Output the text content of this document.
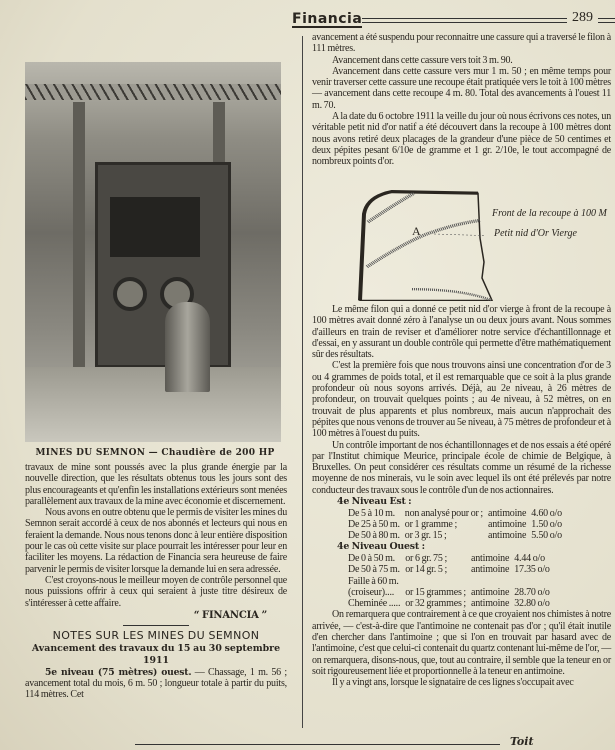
Financia	289
MINES DU SEMNON — Chaudière de 200 HP

travaux de mine sont poussés avec la plus grande énergie par la nouvelle direction, que les résultats obtenus tous les jours sont des plus encourageants et qu'enfin les installations extérieurs sont menées parallèlement aux travaux de la mine avec économie et discernement.

Nous avons en outre obtenu que le permis de visiter les mines du Semnon serait accordé à ceux de nos abonnés et lecteurs qui nous en feraient la demande. Nous nous tenons donc à leur entière disposition pour le cas où cette visite sur place pourrait les intéresser pour leur en faciliter les moyens. La rédaction de Financia sera heureuse de faire parvenir le permis de visiter lorsque la demande lui en sera adressée.

C'est croyons-nous le meilleur moyen de contrôle personnel que nous puissions offrir à ceux qui seraient à juste titre désireux de s'intéresser à cette affaire.

“ FINANCIA ”
NOTES SUR LES MINES DU SEMNON
Avancement des travaux du 15 au 30 septembre 1911

5e niveau (75 mètres) ouest. — Chassage, 1 m. 56 ; avancement total du mois, 6 m. 50 ; longueur totale à partir du puits, 114 mètres. Cet

avancement a été suspendu pour reconnaitre une cassure qui a traversé le filon à 111 mètres.

Avancement dans cette cassure vers toit 3 m. 90.

Avancement dans cette cassure vers mur 1 m. 50 ; en même temps pour venir traverser cette cassure une recoupe était pratiquée vers le toit à 100 mètres — avancement dans cette recoupe 4 m. 80. Total des avancements à l'ouest 11 m. 70.

A la date du 6 octobre 1911 la veille du jour où nous écrivons ces notes, un véritable petit nid d'or natif a été découvert dans la recoupe à 100 mètres dont nous avons retiré deux placages de la grandeur d'une pièce de 50 centimes et deux pépites pesant 6/10e de gramme et 1 gr. 2/10e, le tout accompagné de nombreux points d'or.

A
Front de la recoupe à 100 M
Petit nid d'Or Vierge

Le même filon qui a donné ce petit nid d'or vierge à front de la recoupe à 100 mètres avait donné zéro à l'analyse un ou deux jours avant. Nous sommes d'ailleurs en train de reviser et d'améliorer notre service d'échantillonnage et d'essai, en y assurant un double contrôle qui permette d'être mathématiquement sûr des résultats.

C'est la première fois que nous trouvons ainsi une concentration d'or de 3 ou 4 grammes de poids total, et il est remarquable que ce soit à la plus grande profondeur où nous soyons arrivés. Déjà, au 2e niveau, à 26 mètres de profondeur, on trouvait quelques points ; au 4e niveau, à 52 mètres, on en trouvait de plus apparents et plus nombreux, mais aucun n'approchait des pépites que nous venons de trouver au 5e niveau, à 75 mètres de profondeur et à 100 mètres à l'ouest du puits.

Un contrôle important de nos échantillonnages et de nos essais a été opéré par l'Institut chimique Meurice, principale école de chimie de Belgique, à Bruxelles. On peut considérer ces résultats comme un résumé de la richesse moyenne de nos minerais, vu le soin avec lequel ils ont été prélevés par notre conducteur des travaux sous le contrôle d'un de nos actionnaires.

4e Niveau Est :
De 5 à 10 m.	non analysé pour or ;	antimoine	4.60 o/o
De 25 à 50 m.	or 1 gramme ;	antimoine	1.50 o/o
De 50 à 80 m.	or 3 gr. 15 ;	antimoine	5.50 o/o
4e Niveau Ouest :
De 0 à 50 m.	or 6 gr. 75 ;	antimoine	4.44 o/o
De 50 à 75 m.	or 14 gr. 5 ;	antimoine	17.35 o/o
Faille à 60 m.			
(croiseur)....	or 15 grammes ;	antimoine	28.70 o/o
Cheminée .....	or 32 grammes ;	antimoine	32.80 o/o

On remarquera que contrairement à ce que croyaient nos chimistes à notre arrivée, — c'est-à-dire que l'antimoine ne contenait pas d'or ; qu'il était inutile d'en chercher dans l'antimoine ; que si l'on en trouvait par hasard avec de l'antimoine, c'est que celui-ci contenait du quartz contenant lui-même de l'or, — on remarquera, disons-nous, que, tout au contraire, il semble que la teneur en or soit rigoureusement liée et proportionnelle à la teneur en antimoine.

Il y a vingt ans, lorsque le signataire de ces lignes s'occupait avec

Toit
